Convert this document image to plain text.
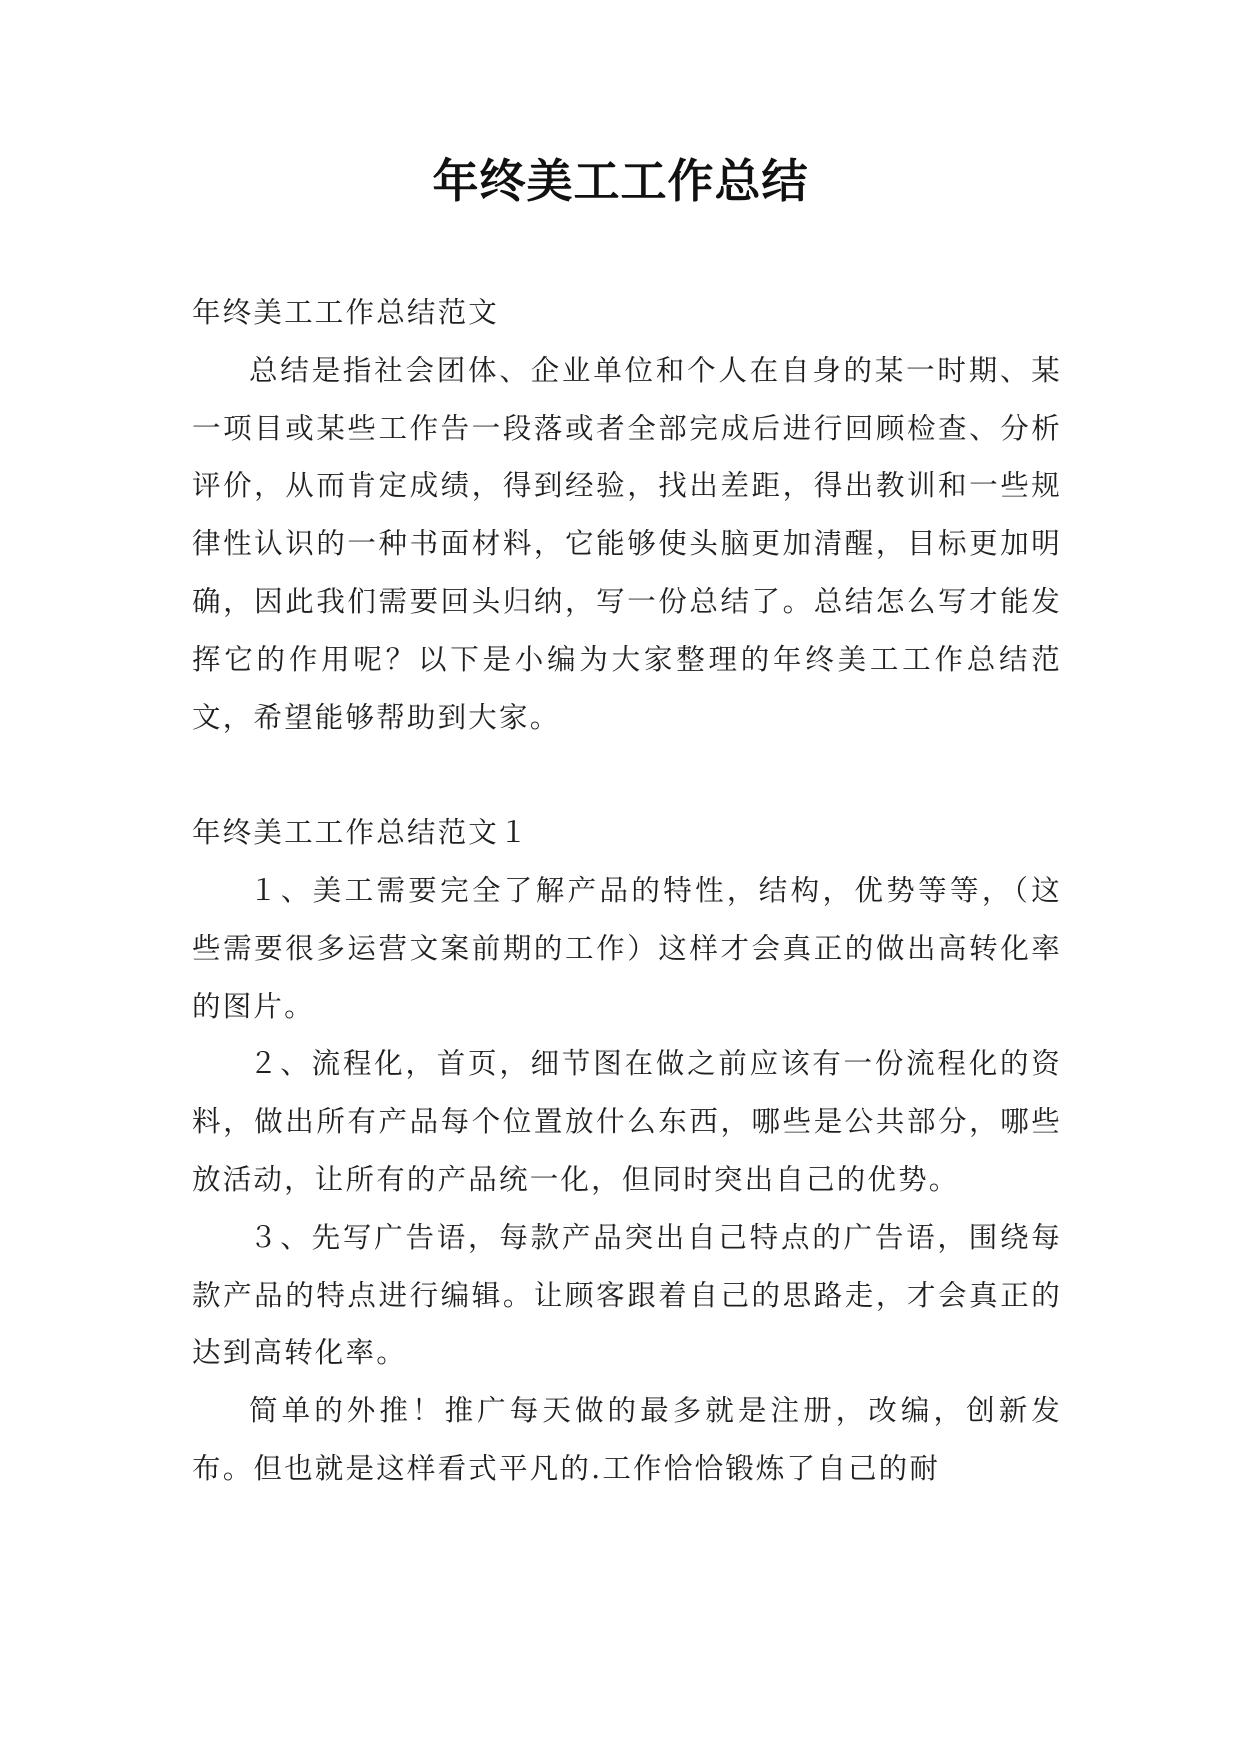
年终美工工作总结

年终美工工作总结范文

总结是指社会团体、企业单位和个人在自身的某一时期、某一项目或某些工作告一段落或者全部完成后进行回顾检查、分析评价，从而肯定成绩，得到经验，找出差距，得出教训和一些规律性认识的一种书面材料，它能够使头脑更加清醒，目标更加明确，因此我们需要回头归纳，写一份总结了。总结怎么写才能发挥它的作用呢？以下是小编为大家整理的年终美工工作总结范文，希望能够帮助到大家。

年终美工工作总结范文１

１、美工需要完全了解产品的特性，结构，优势等等，（这些需要很多运营文案前期的工作）这样才会真正的做出高转化率的图片。

２、流程化，首页，细节图在做之前应该有一份流程化的资料，做出所有产品每个位置放什么东西，哪些是公共部分，哪些放活动，让所有的产品统一化，但同时突出自己的优势。

３、先写广告语，每款产品突出自己特点的广告语，围绕每款产品的特点进行编辑。让顾客跟着自己的思路走，才会真正的达到高转化率。

简单的外推！推广每天做的最多就是注册，改编，创新发布。但也就是这样看式平凡的.工作恰恰锻炼了自己的耐
